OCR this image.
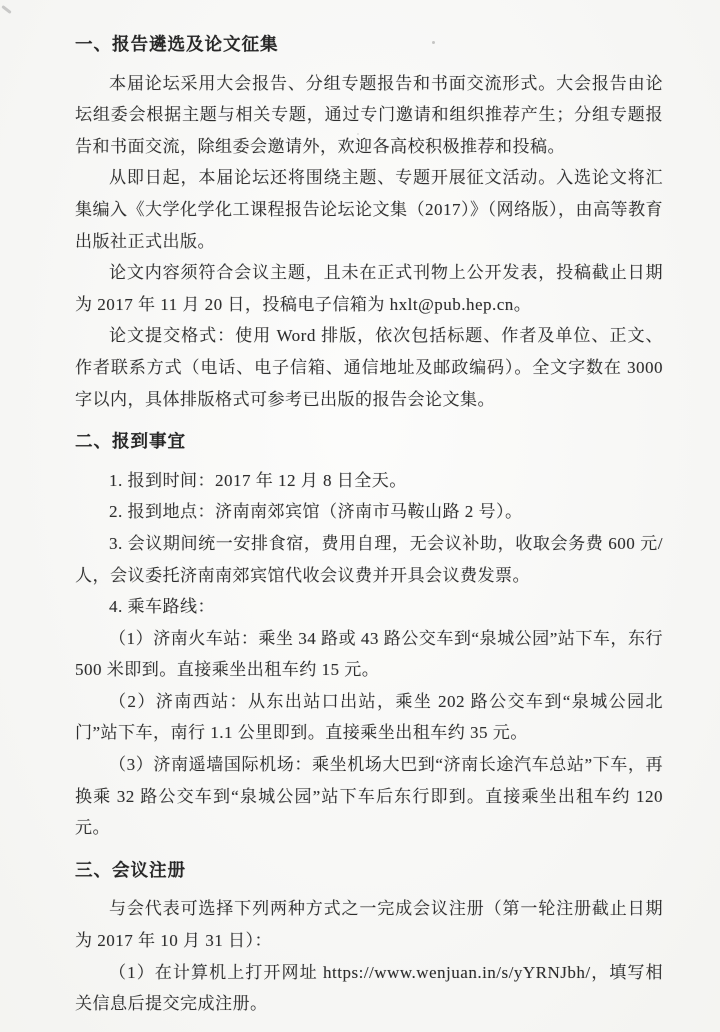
一、报告遴选及论文征集

本届论坛采用大会报告、分组专题报告和书面交流形式。大会报告由论坛组委会根据主题与相关专题，通过专门邀请和组织推荐产生；分组专题报告和书面交流，除组委会邀请外，欢迎各高校积极推荐和投稿。

从即日起，本届论坛还将围绕主题、专题开展征文活动。入选论文将汇集编入《大学化学化工课程报告论坛论文集（2017）》（网络版），由高等教育出版社正式出版。

论文内容须符合会议主题，且未在正式刊物上公开发表，投稿截止日期为 2017 年 11 月 20 日，投稿电子信箱为 hxlt@pub.hep.cn。

论文提交格式：使用 Word 排版，依次包括标题、作者及单位、正文、作者联系方式（电话、电子信箱、通信地址及邮政编码）。全文字数在 3000 字以内，具体排版格式可参考已出版的报告会论文集。

二、报到事宜

1. 报到时间：2017 年 12 月 8 日全天。

2. 报到地点：济南南郊宾馆（济南市马鞍山路 2 号）。

3. 会议期间统一安排食宿，费用自理，无会议补助，收取会务费 600 元/人，会议委托济南南郊宾馆代收会议费并开具会议费发票。

4. 乘车路线：

（1）济南火车站：乘坐 34 路或 43 路公交车到“泉城公园”站下车，东行 500 米即到。直接乘坐出租车约 15 元。

（2）济南西站：从东出站口出站，乘坐 202 路公交车到“泉城公园北门”站下车，南行 1.1 公里即到。直接乘坐出租车约 35 元。

（3）济南遥墙国际机场：乘坐机场大巴到“济南长途汽车总站”下车，再换乘 32 路公交车到“泉城公园”站下车后东行即到。直接乘坐出租车约 120 元。

三、会议注册

与会代表可选择下列两种方式之一完成会议注册（第一轮注册截止日期为 2017 年 10 月 31 日）：

（1）在计算机上打开网址 https://www.wenjuan.in/s/yYRNJbh/，填写相关信息后提交完成注册。
